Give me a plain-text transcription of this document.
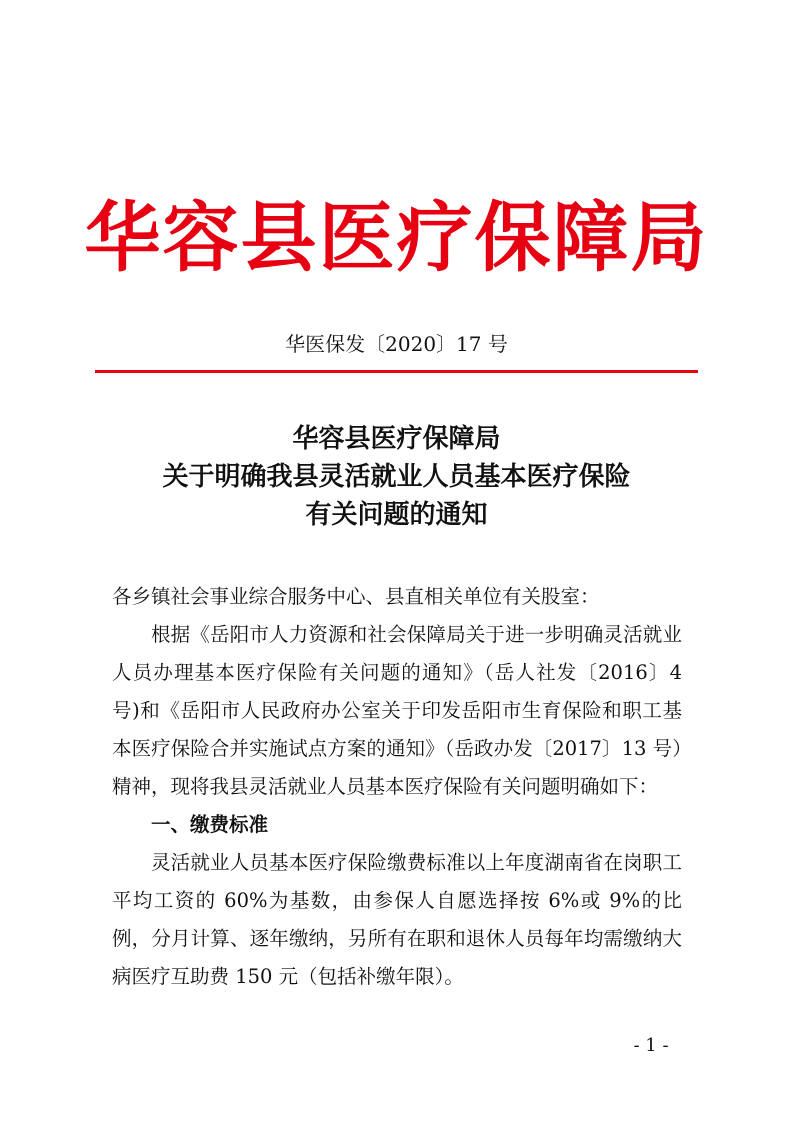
华容县医疗保障局
华医保发〔2020〕17 号
华容县医疗保障局
关于明确我县灵活就业人员基本医疗保险
有关问题的通知

各乡镇社会事业综合服务中心、县直相关单位有关股室：

根据《岳阳市人力资源和社会保障局关于进一步明确灵活就业人员办理基本医疗保险有关问题的通知》（岳人社发〔2016〕4 号)和《岳阳市人民政府办公室关于印发岳阳市生育保险和职工基本医疗保险合并实施试点方案的通知》（岳政办发〔2017〕13 号）精神，现将我县灵活就业人员基本医疗保险有关问题明确如下：

一、缴费标准

灵活就业人员基本医疗保险缴费标准以上年度湖南省在岗职工平均工资的 60%为基数，由参保人自愿选择按 6%或 9%的比例，分月计算、逐年缴纳，另所有在职和退休人员每年均需缴纳大病医疗互助费 150 元（包括补缴年限）。

- 1 -
